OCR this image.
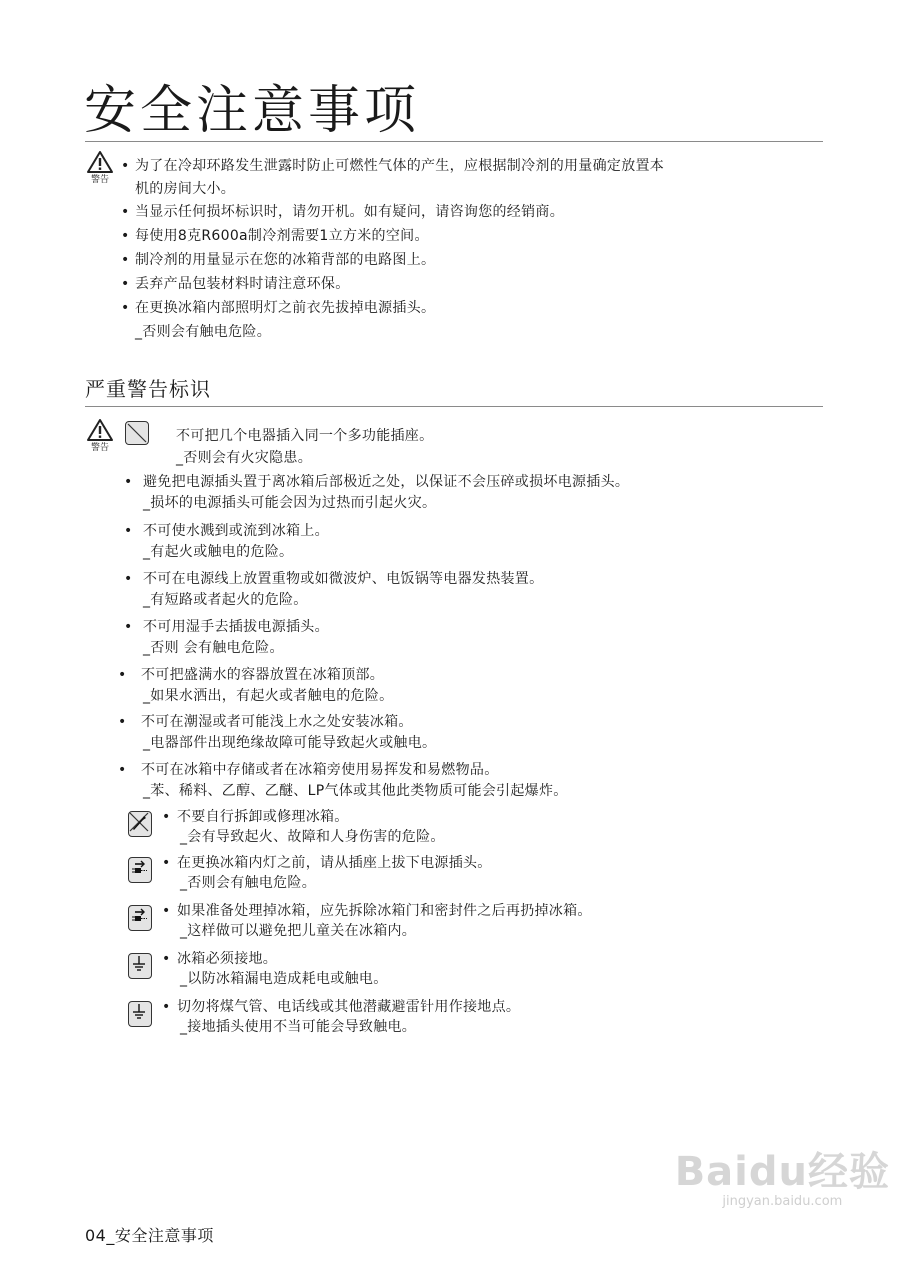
安全注意事项
严重警告标识
04_安全注意事项
Baidu经验
jingyan.baidu.com
警告
• 为了在冷却环路发生泄露时防止可燃性气体的产生，应根据制冷剂的用量确定放置本
机的房间大小。
• 当显示任何损坏标识时，请勿开机。如有疑问，请咨询您的经销商。
• 每使用8克R600a制冷剂需要1立方米的空间。
• 制冷剂的用量显示在您的冰箱背部的电路图上。
• 丢弃产品包装材料时请注意环保。
• 在更换冰箱内部照明灯之前衣先拔掉电源插头。
_否则会有触电危险。
警告
不可把几个电器插入同一个多功能插座。
_否则会有火灾隐患。
• 避免把电源插头置于离冰箱后部极近之处，以保证不会压碎或损坏电源插头。
_损坏的电源插头可能会因为过热而引起火灾。
• 不可使水溅到或流到冰箱上。
_有起火或触电的危险。
• 不可在电源线上放置重物或如微波炉、电饭锅等电器发热装置。
_有短路或者起火的危险。
• 不可用湿手去插拔电源插头。
_否则 会有触电危险。
• 不可把盛满水的容器放置在冰箱顶部。
_如果水洒出，有起火或者触电的危险。
• 不可在潮湿或者可能浅上水之处安装冰箱。
_电器部件出现绝缘故障可能导致起火或触电。
• 不可在冰箱中存储或者在冰箱旁使用易挥发和易燃物品。
_苯、稀料、乙醇、乙醚、LP气体或其他此类物质可能会引起爆炸。
• 不要自行拆卸或修理冰箱。
_会有导致起火、故障和人身伤害的危险。
• 在更换冰箱内灯之前，请从插座上拔下电源插头。
_否则会有触电危险。
• 如果准备处理掉冰箱，应先拆除冰箱门和密封件之后再扔掉冰箱。
_这样做可以避免把儿童关在冰箱内。
• 冰箱必须接地。
_以防冰箱漏电造成耗电或触电。
• 切勿将煤气管、电话线或其他潜藏避雷针用作接地点。
_接地插头使用不当可能会导致触电。
